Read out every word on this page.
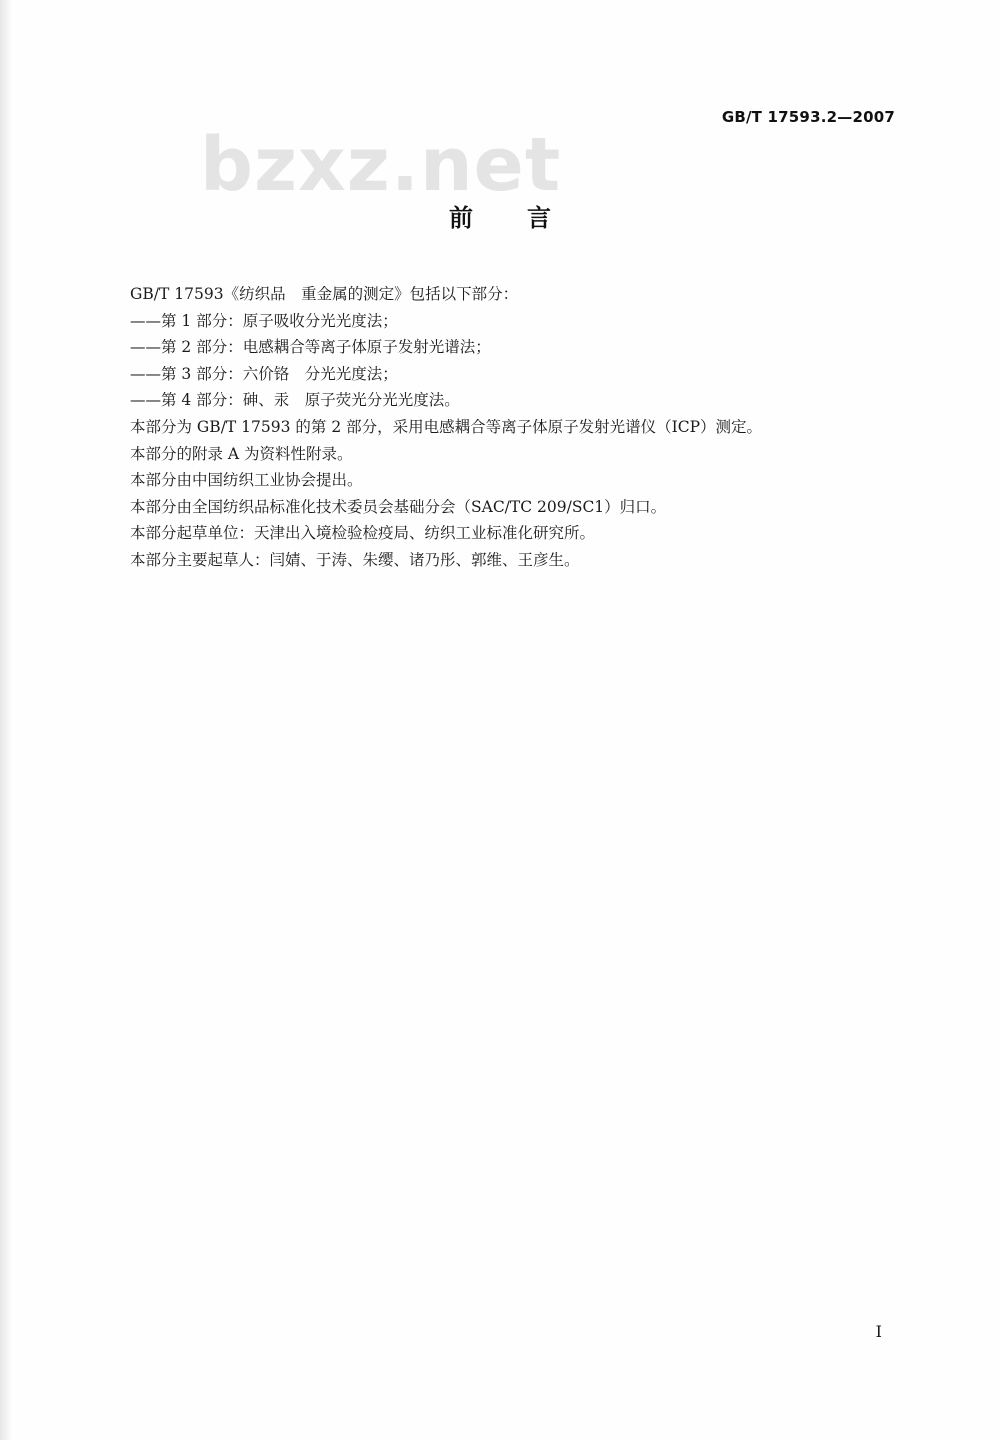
GB/T 17593.2—2007
bzxz.net
前言
GB/T 17593《纺织品　重金属的测定》包括以下部分：
——第 1 部分：原子吸收分光光度法；
——第 2 部分：电感耦合等离子体原子发射光谱法；
——第 3 部分：六价铬　分光光度法；
——第 4 部分：砷、汞　原子荧光分光光度法。
本部分为 GB/T 17593 的第 2 部分，采用电感耦合等离子体原子发射光谱仪（ICP）测定。
本部分的附录 A 为资料性附录。
本部分由中国纺织工业协会提出。
本部分由全国纺织品标准化技术委员会基础分会（SAC/TC 209/SC1）归口。
本部分起草单位：天津出入境检验检疫局、纺织工业标准化研究所。
本部分主要起草人：闫婧、于涛、朱缨、诸乃彤、郭维、王彦生。
I
